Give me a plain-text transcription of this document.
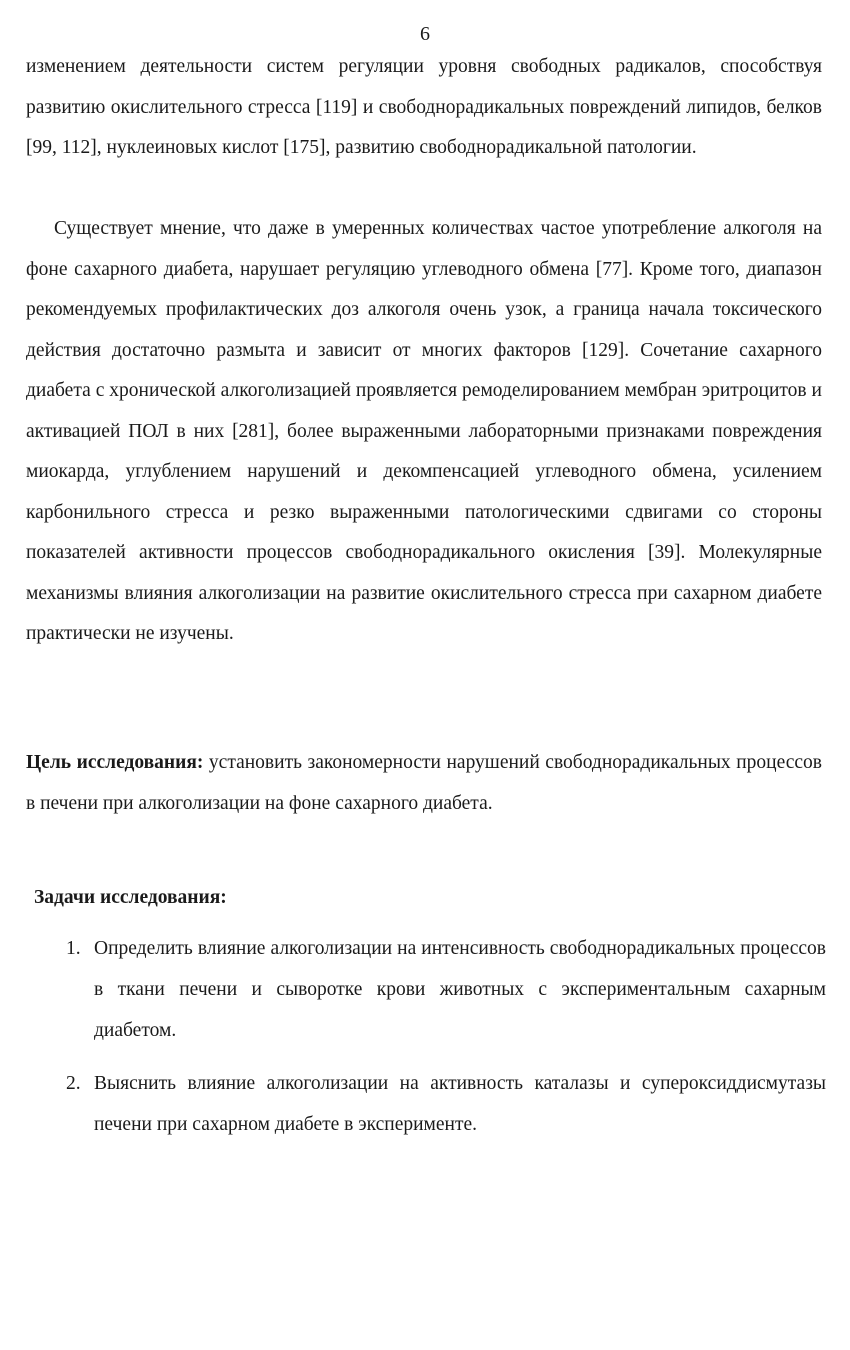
6
изменением деятельности систем регуляции уровня свободных радикалов, способствуя развитию окислительного стресса [119] и свободнорадикальных повреждений липидов, белков [99, 112], нуклеиновых кислот [175], развитию свободнорадикальной патологии.
Существует мнение, что даже в умеренных количествах частое употребление алкоголя на фоне сахарного диабета, нарушает регуляцию углеводного обмена [77]. Кроме того, диапазон рекомендуемых профилактических доз алкоголя очень узок, а граница начала токсического действия достаточно размыта и зависит от многих факторов [129]. Сочетание сахарного диабета с хронической алкоголизацией проявляется ремоделированием мембран эритроцитов и активацией ПОЛ в них [281], более выраженными лабораторными признаками повреждения миокарда, углублением нарушений и декомпенсацией углеводного обмена, усилением карбонильного стресса и резко выраженными патологическими сдвигами со стороны показателей активности процессов свободнорадикального окисления [39]. Молекулярные механизмы влияния алкоголизации на развитие окислительного стресса при сахарном диабете практически не изучены.
Цель исследования: установить закономерности нарушений свободнорадикальных процессов в печени при алкоголизации на фоне сахарного диабета.
Задачи исследования:
1. Определить влияние алкоголизации на интенсивность свободнорадикальных процессов в ткани печени и сыворотке крови животных с экспериментальным сахарным диабетом.
2. Выяснить влияние алкоголизации на активность каталазы и супероксиддисмутазы печени при сахарном диабете в эксперименте.
